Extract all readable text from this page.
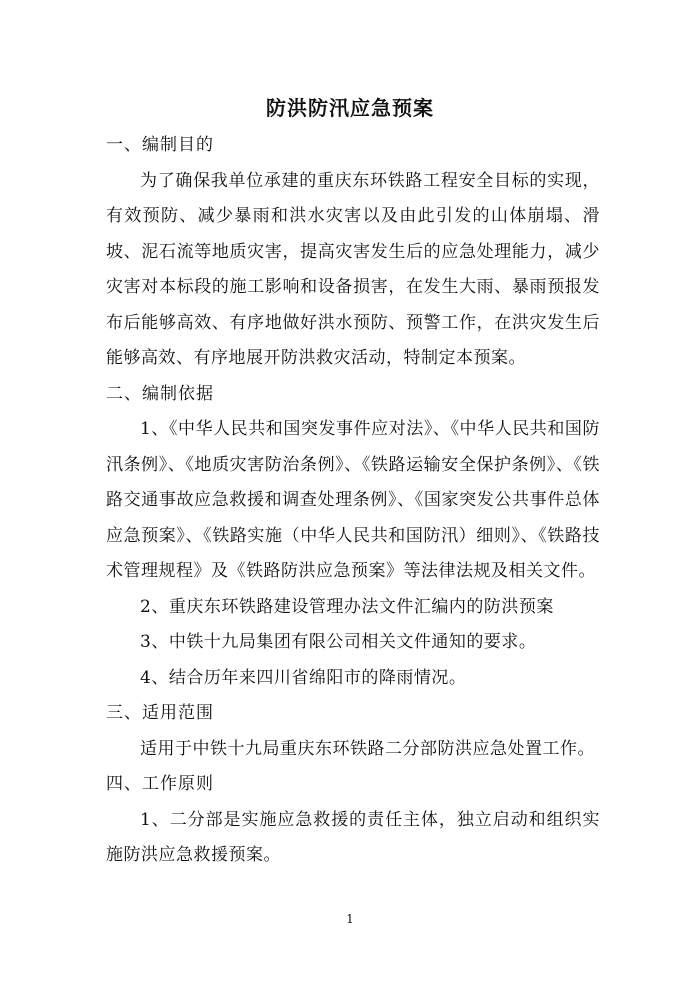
防洪防汛应急预案

一、编制目的

为了确保我单位承建的重庆东环铁路工程安全目标的实现，有效预防、减少暴雨和洪水灾害以及由此引发的山体崩塌、滑坡、泥石流等地质灾害，提高灾害发生后的应急处理能力，减少灾害对本标段的施工影响和设备损害，在发生大雨、暴雨预报发布后能够高效、有序地做好洪水预防、预警工作，在洪灾发生后能够高效、有序地展开防洪救灾活动，特制定本预案。

二、编制依据

1、《中华人民共和国突发事件应对法》、《中华人民共和国防汛条例》、《地质灾害防治条例》、《铁路运输安全保护条例》、《铁路交通事故应急救援和调查处理条例》、《国家突发公共事件总体应急预案》、《铁路实施（中华人民共和国防汛）细则》、《铁路技术管理规程》及《铁路防洪应急预案》等法律法规及相关文件。

2、重庆东环铁路建设管理办法文件汇编内的防洪预案

3、中铁十九局集团有限公司相关文件通知的要求。

4、结合历年来四川省绵阳市的降雨情况。

三、适用范围

适用于中铁十九局重庆东环铁路二分部防洪应急处置工作。

四、工作原则

1、二分部是实施应急救援的责任主体，独立启动和组织实施防洪应急救援预案。

1
